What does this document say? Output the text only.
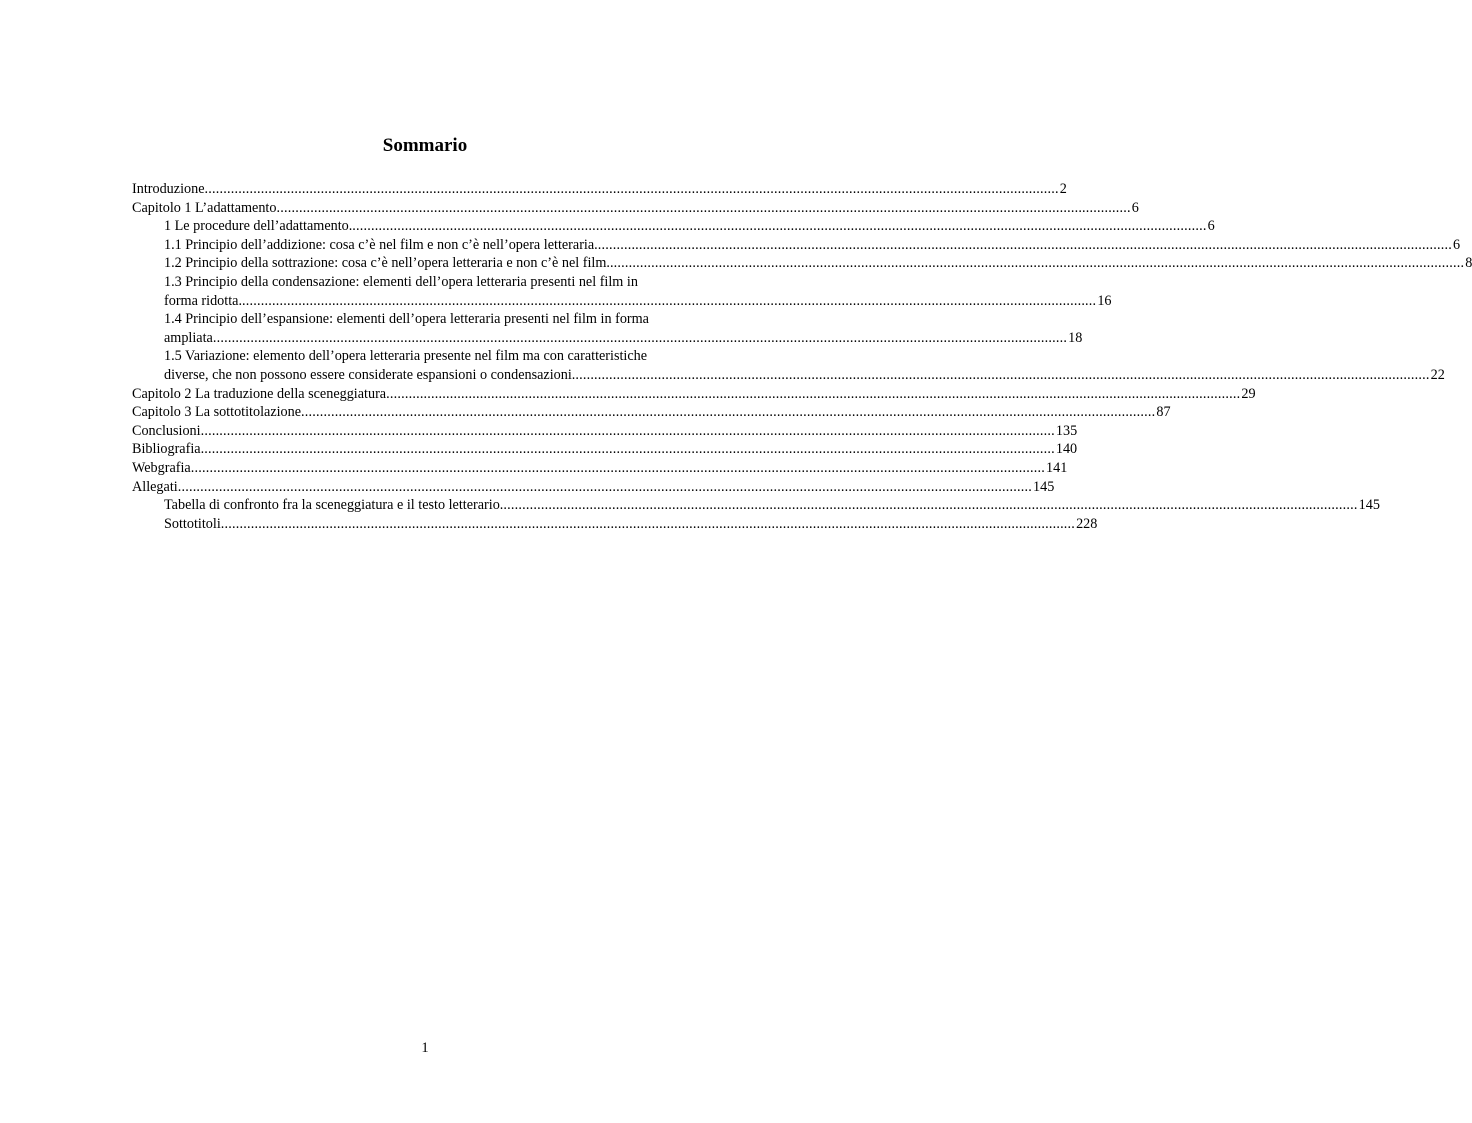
Sommario
Introduzione .....	2
Capitolo 1 L’adattamento .....	6
1 Le procedure dell’adattamento. .....	6
1.1 Principio dell’addizione: cosa c’è nel film e non c’è nell’opera letteraria. .....	6
1.2 Principio della sottrazione: cosa c’è nell’opera letteraria e non c’è nel film. .....	8
1.3 Principio della condensazione: elementi dell’opera letteraria presenti nel film in
forma ridotta. .....	16
1.4 Principio dell’espansione: elementi dell’opera letteraria presenti nel film in forma
ampliata .....	18
1.5 Variazione: elemento dell’opera letteraria presente nel film ma con caratteristiche
diverse, che non possono essere considerate espansioni o condensazioni. .....	22
Capitolo 2 La traduzione della sceneggiatura .....	29
Capitolo 3 La sottotitolazione .....	87
Conclusioni .....	135
Bibliografia .....	140
Webgrafia .....	141
Allegati .....	145
Tabella di confronto fra la sceneggiatura e il testo letterario. .....	145
Sottotitoli .....	228
1
